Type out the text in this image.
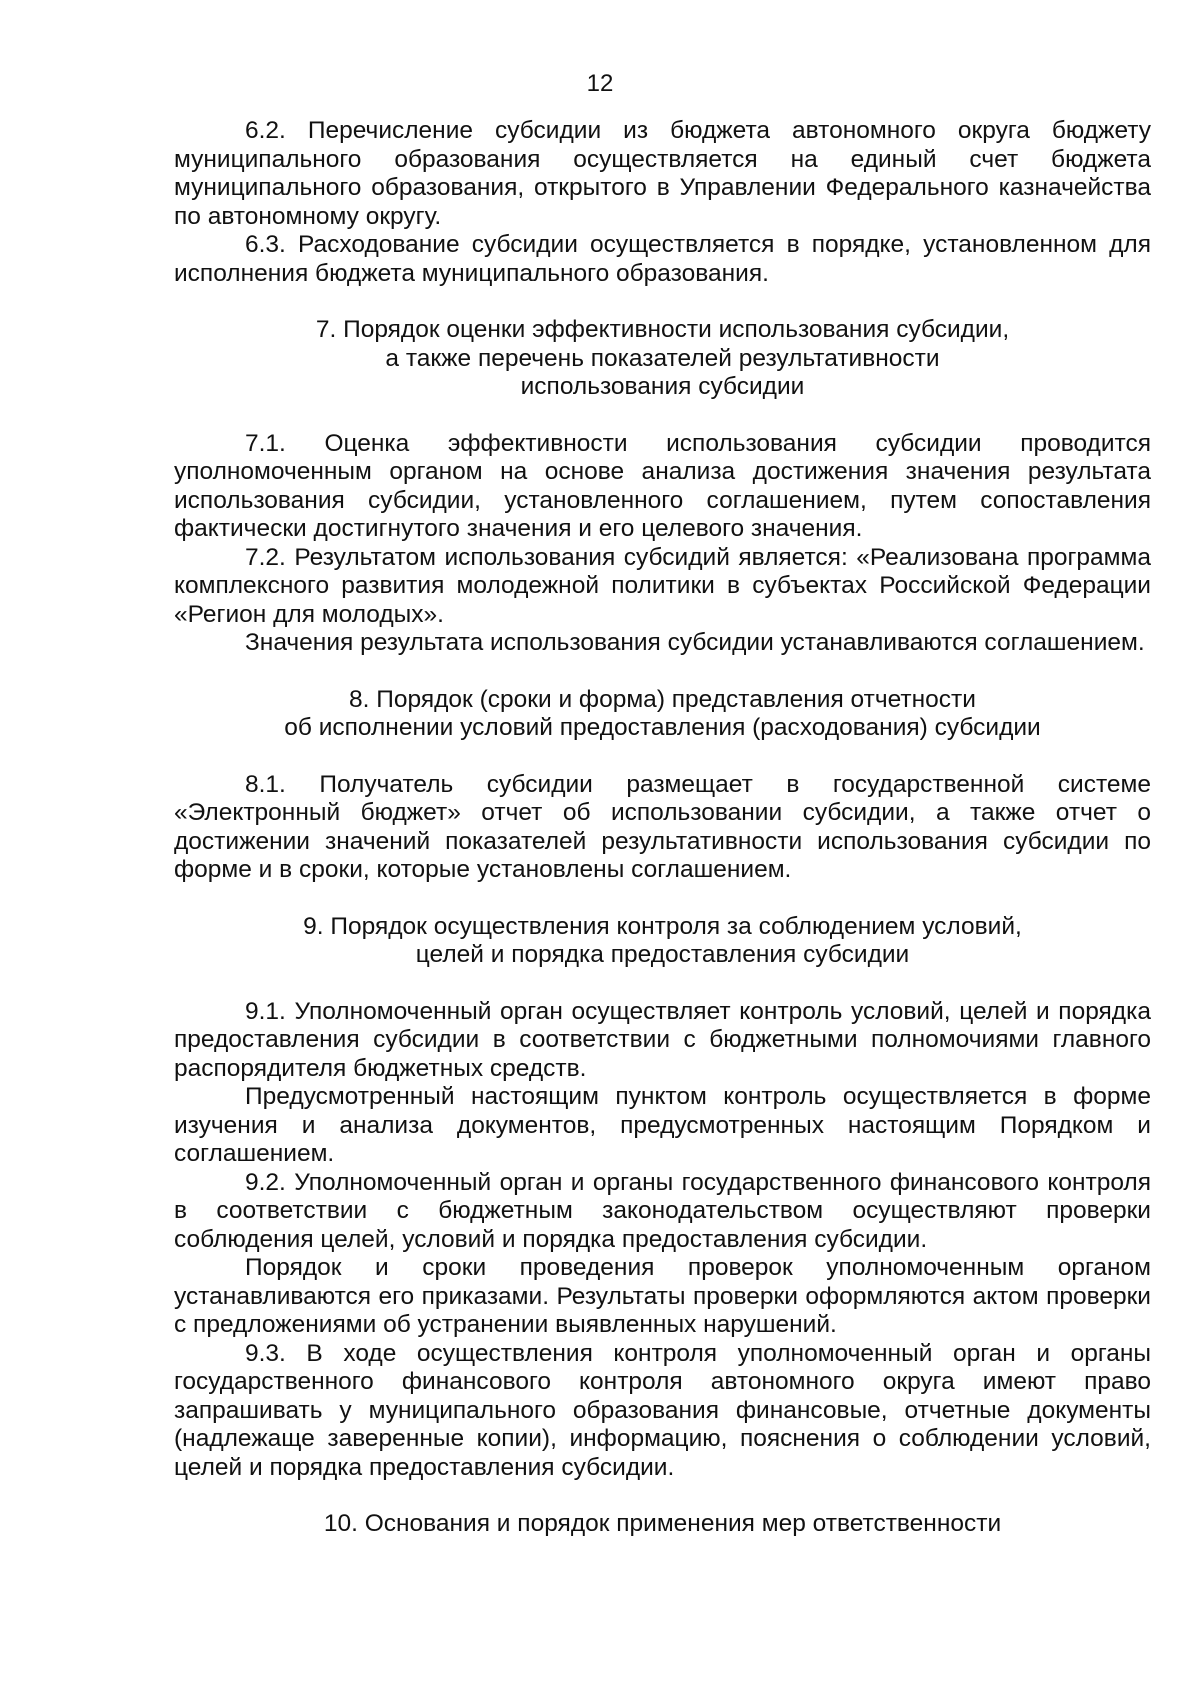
12

6.2. Перечисление субсидии из бюджета автономного округа бюджету муниципального образования осуществляется на единый счет бюджета муниципального образования, открытого в Управлении Федерального казначейства по автономному округу.

6.3. Расходование субсидии осуществляется в порядке, установленном для исполнения бюджета муниципального образования.

7. Порядок оценки эффективности использования субсидии,
а также перечень показателей результативности
использования субсидии

7.1. Оценка эффективности использования субсидии проводится уполномоченным органом на основе анализа достижения значения результата использования субсидии, установленного соглашением, путем сопоставления фактически достигнутого значения и его целевого значения.

7.2. Результатом использования субсидий является: «Реализована программа комплексного развития молодежной политики в субъектах Российской Федерации «Регион для молодых».

Значения результата использования субсидии устанавливаются соглашением.

8. Порядок (сроки и форма) представления отчетности
об исполнении условий предоставления (расходования) субсидии

8.1. Получатель субсидии размещает в государственной системе «Электронный бюджет» отчет об использовании субсидии, а также отчет о достижении значений показателей результативности использования субсидии по форме и в сроки, которые установлены соглашением.

9. Порядок осуществления контроля за соблюдением условий,
целей и порядка предоставления субсидии

9.1. Уполномоченный орган осуществляет контроль условий, целей и порядка предоставления субсидии в соответствии с бюджетными полномочиями главного распорядителя бюджетных средств.

Предусмотренный настоящим пунктом контроль осуществляется в форме изучения и анализа документов, предусмотренных настоящим Порядком и соглашением.

9.2. Уполномоченный орган и органы государственного финансового контроля в соответствии с бюджетным законодательством осуществляют проверки соблюдения целей, условий и порядка предоставления субсидии.

Порядок и сроки проведения проверок уполномоченным органом устанавливаются его приказами. Результаты проверки оформляются актом проверки с предложениями об устранении выявленных нарушений.

9.3. В ходе осуществления контроля уполномоченный орган и органы государственного финансового контроля автономного округа имеют право запрашивать у муниципального образования финансовые, отчетные документы (надлежаще заверенные копии), информацию, пояснения о соблюдении условий, целей и порядка предоставления субсидии.

10. Основания и порядок применения мер ответственности
